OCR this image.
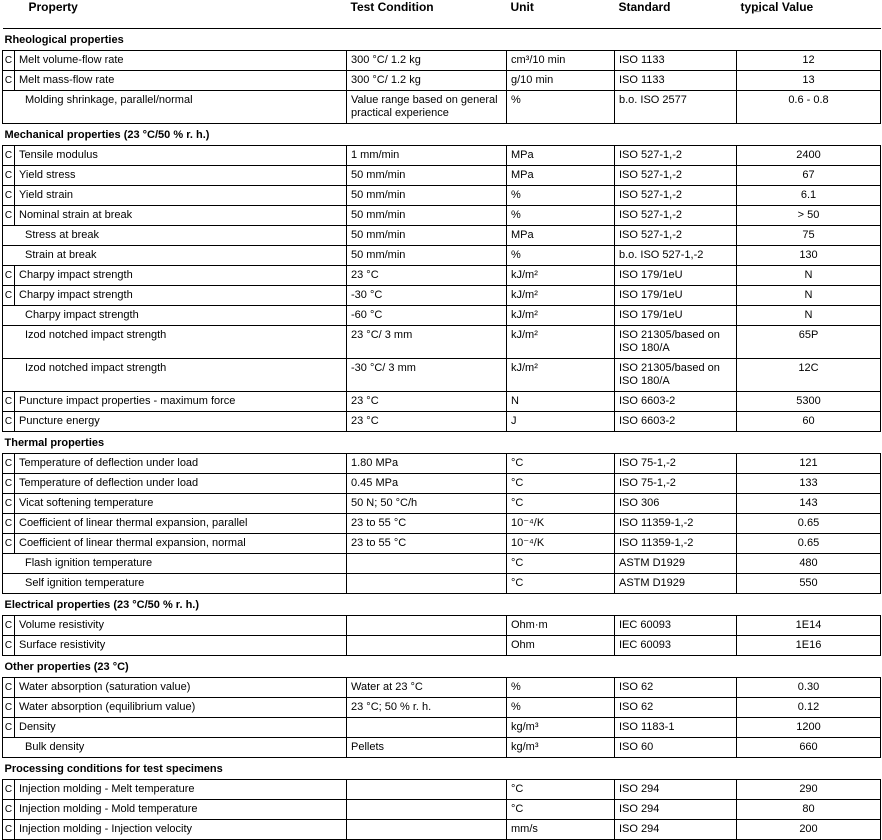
Property	Test Condition	Unit	Standard	typical Value
¯

Rheological properties				

C Melt volume-flow rate	300 °C/ 1.2 kg	cm³/10 min	ISO 1133	12

C Melt mass-flow rate	300 °C/ 1.2 kg	g/10 min	ISO 1133	13

Molding shrinkage, parallel/normal	Value range based on general practical experience	%	b.o. ISO 2577	0.6 - 0.8
Mechanical properties (23 °C/50 % r. h.)				

C Tensile modulus	1 mm/min	MPa	ISO 527-1,-2	2400

C Yield stress	50 mm/min	MPa	ISO 527-1,-2	67

C Yield strain	50 mm/min	%	ISO 527-1,-2	6.1

C Nominal strain at break	50 mm/min	%	ISO 527-1,-2	> 50

Stress at break	50 mm/min	MPa	ISO 527-1,-2	75

Strain at break	50 mm/min	%	b.o. ISO 527-1,-2	130

C Charpy impact strength	23 °C	kJ/m²	ISO 179/1eU	N

C Charpy impact strength	-30 °C	kJ/m²	ISO 179/1eU	N

Charpy impact strength	-60 °C	kJ/m²	ISO 179/1eU	N

Izod notched impact strength	23 °C/ 3 mm	kJ/m²	ISO 21305/based on ISO 180/A	65P

Izod notched impact strength	-30 °C/ 3 mm	kJ/m²	ISO 21305/based on ISO 180/A	12C

C Puncture impact properties - maximum force	23 °C	N	ISO 6603-2	5300

C Puncture energy	23 °C	J	ISO 6603-2	60
Thermal properties				

C Temperature of deflection under load	1.80 MPa	°C	ISO 75-1,-2	121

C Temperature of deflection under load	0.45 MPa	°C	ISO 75-1,-2	133

C Vicat softening temperature	50 N; 50 °C/h	°C	ISO 306	143

C Coefficient of linear thermal expansion, parallel	23 to 55 °C	10⁻⁴/K	ISO 11359-1,-2	0.65

C Coefficient of linear thermal expansion, normal	23 to 55 °C	10⁻⁴/K	ISO 11359-1,-2	0.65

Flash ignition temperature		°C	ASTM D1929	480

Self ignition temperature		°C	ASTM D1929	550
Electrical properties (23 °C/50 % r. h.)				

C Volume resistivity		Ohm·m	IEC 60093	1E14

C Surface resistivity		Ohm	IEC 60093	1E16
Other properties (23 °C)				

C Water absorption (saturation value)	Water at 23 °C	%	ISO 62	0.30

C Water absorption (equilibrium value)	23 °C; 50 % r. h.	%	ISO 62	0.12

C Density		kg/m³	ISO 1183-1	1200

Bulk density	Pellets	kg/m³	ISO 60	660
Processing conditions for test specimens				

C Injection molding - Melt temperature		°C	ISO 294	290

C Injection molding - Mold temperature		°C	ISO 294	80

C Injection molding - Injection velocity		mm/s	ISO 294	200
